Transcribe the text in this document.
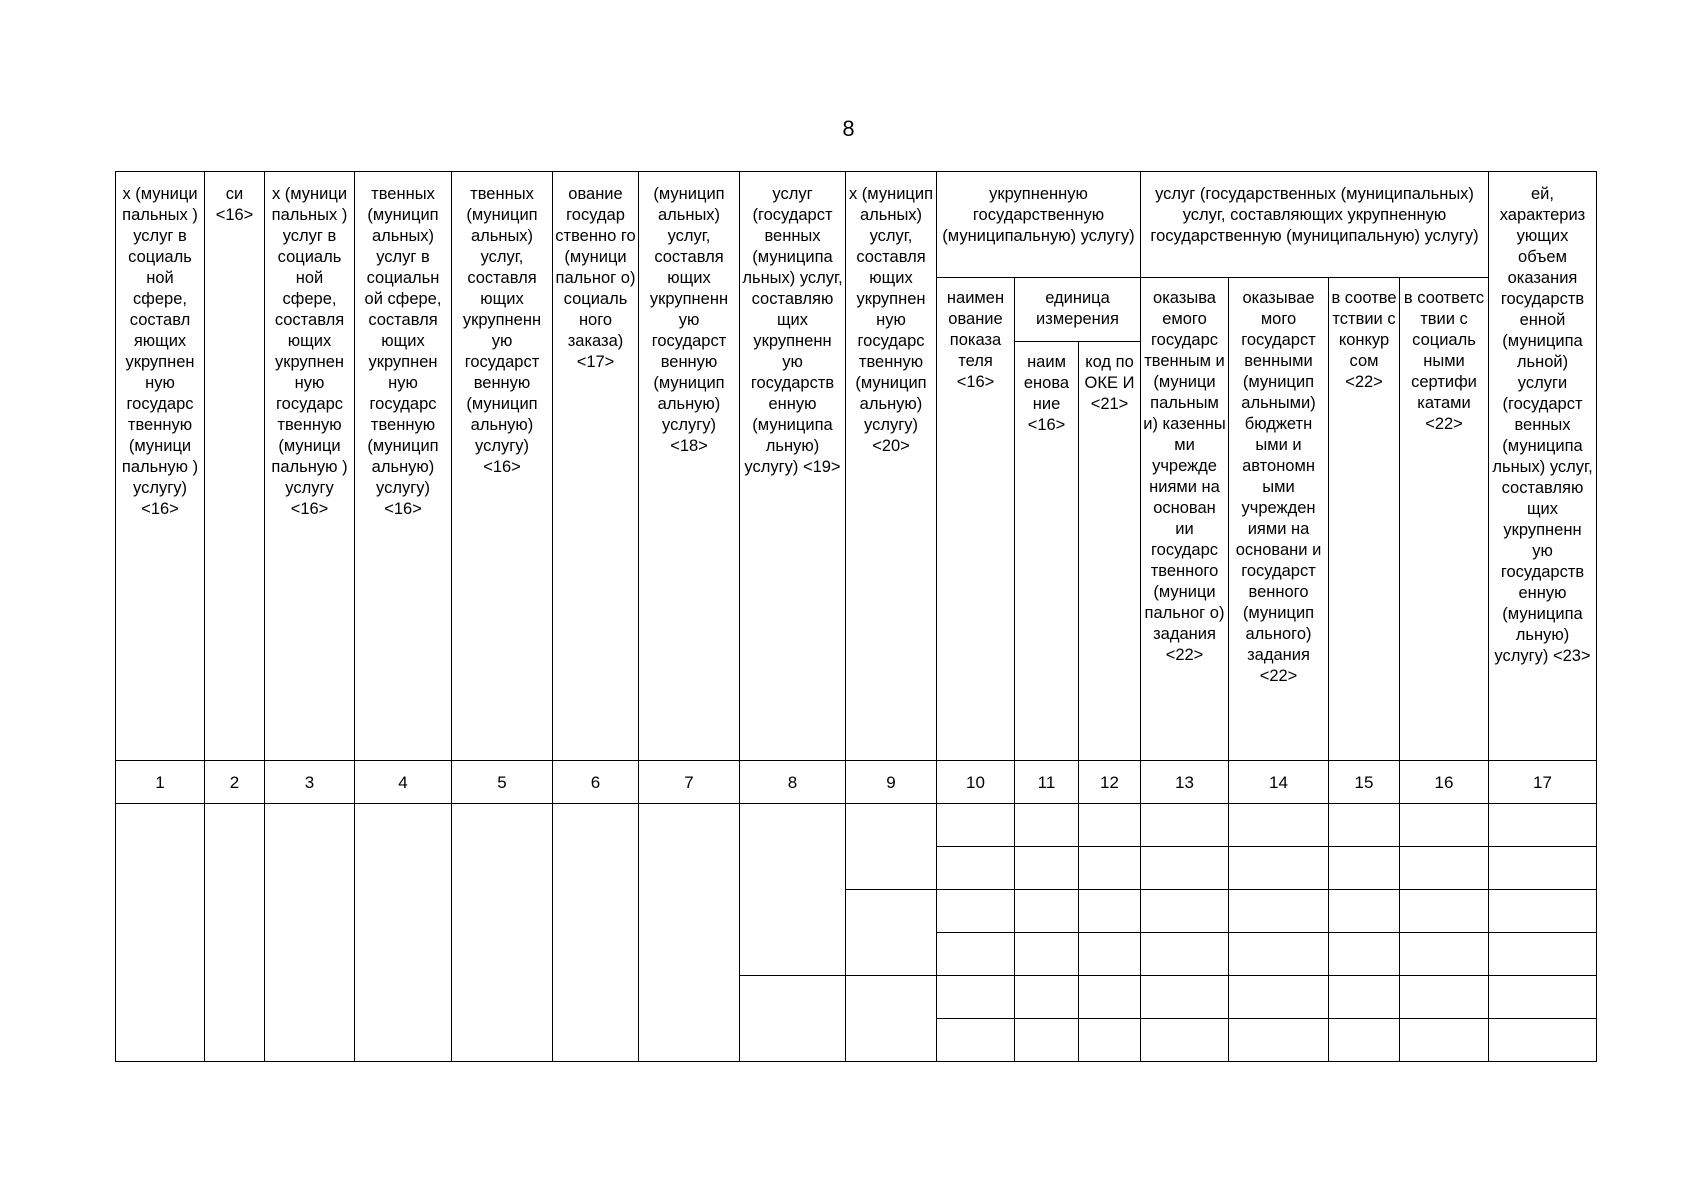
8
х (муници пальных ) услуг в социаль ной сфере, составл яющих укрупнен ную государс твенную (муници пальную ) услугу) <16>	си <16>	х (муници пальных ) услуг в социаль ной сфере, составля ющих укрупнен ную государс твенную (муници пальную ) услугу <16>	твенных (муницип альных) услуг в социальн ой сфере, составля ющих укрупнен ную государс твенную (муницип альную) услугу) <16>	твенных (муницип альных) услуг, составля ющих укрупненн ую государст венную (муницип альную) услугу) <16>	ование государ ственно го (муници пальног о) социаль ного заказа) <17>	(муницип альных) услуг, составля ющих укрупненн ую государст венную (муницип альную) услугу) <18>	услуг (государст венных (муниципа льных) услуг, составляю щих укрупненн ую государств енную (муниципа льную) услугу) <19>	х (муницип альных) услуг, составля ющих укрупнен ную государс твенную (муницип альную) услугу) <20>	укрупненную государственную (муниципальную) услугу)			услуг (государственных (муниципальных) услуг, составляющих укрупненную государственную (муниципальную) услугу)				ей, характериз ующих объем оказания государств енной (муниципа льной) услуги (государст венных (муниципа льных) услуг, составляю щих укрупненн ую государств енную (муниципа льную) услугу) <23>
									наимен ование показа теля <16>	единица измерения		оказыва емого государс твенным и (муници пальным и) казенны ми учрежде ниями на основан ии государс твенного (муници пальног о) задания <22>	оказывае мого государст венными (муницип альными) бюджетн ыми и автономн ыми учрежден иями на основани и государст венного (муницип ального) задания <22>	в соотве тствии с конкур сом <22>	в соответс твии с социаль ными сертифи катами <22>	
										наим енова ние <16>	код по ОКЕ И <21>					
1	2	3	4	5	6	7	8	9	10	11	12	13	14	15	16	17
